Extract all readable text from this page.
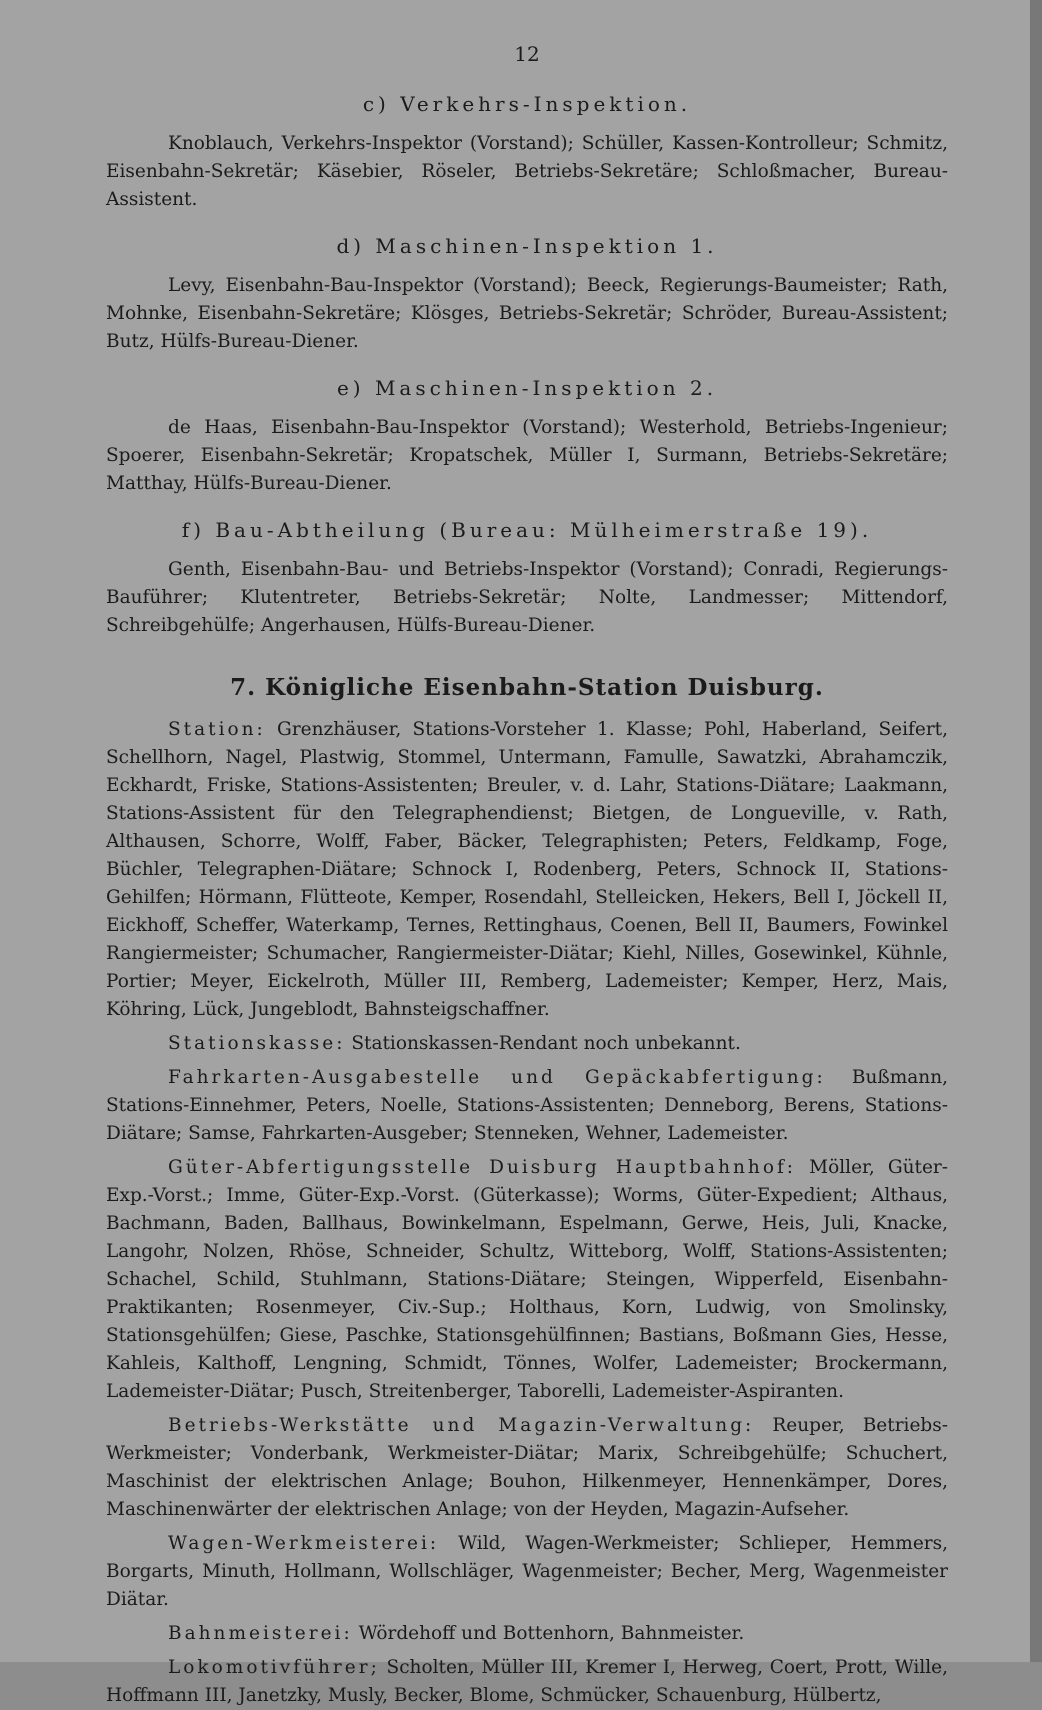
12
c) Verkehrs-Inspektion.

Knoblauch, Verkehrs-Inspektor (Vorstand); Schüller, Kassen-Kontrolleur; Schmitz, Eisenbahn-Sekretär; Käsebier, Röseler, Betriebs-Sekretäre; Schloßmacher, Bureau-Assistent.

d) Maschinen-Inspektion 1.

Levy, Eisenbahn-Bau-Inspektor (Vorstand); Beeck, Regierungs-Baumeister; Rath, Mohnke, Eisenbahn-Sekretäre; Klösges, Betriebs-Sekretär; Schröder, Bureau-Assistent; Butz, Hülfs-Bureau-Diener.

e) Maschinen-Inspektion 2.

de Haas, Eisenbahn-Bau-Inspektor (Vorstand); Westerhold, Betriebs-Ingenieur; Spoerer, Eisenbahn-Sekretär; Kropatschek, Müller I, Surmann, Betriebs-Sekretäre; Matthay, Hülfs-Bureau-Diener.

f) Bau-Abtheilung (Bureau: Mülheimerstraße 19).

Genth, Eisenbahn-Bau- und Betriebs-Inspektor (Vorstand); Conradi, Regierungs-Bauführer; Klutentreter, Betriebs-Sekretär; Nolte, Landmesser; Mittendorf, Schreibgehülfe; Angerhausen, Hülfs-Bureau-Diener.

7. Königliche Eisenbahn-Station Duisburg.

Station: Grenzhäuser, Stations-Vorsteher 1. Klasse; Pohl, Haberland, Seifert, Schellhorn, Nagel, Plastwig, Stommel, Untermann, Famulle, Sawatzki, Abrahamczik, Eckhardt, Friske, Stations-Assistenten; Breuler, v. d. Lahr, Stations-Diätare; Laakmann, Stations-Assistent für den Telegraphendienst; Bietgen, de Longueville, v. Rath, Althausen, Schorre, Wolff, Faber, Bäcker, Telegraphisten; Peters, Feldkamp, Foge, Büchler, Telegraphen-Diätare; Schnock I, Rodenberg, Peters, Schnock II, Stations-Gehilfen; Hörmann, Flütteote, Kemper, Rosendahl, Stelleicken, Hekers, Bell I, Jöckell II, Eickhoff, Scheffer, Waterkamp, Ternes, Rettinghaus, Coenen, Bell II, Baumers, Fowinkel Rangiermeister; Schumacher, Rangiermeister-Diätar; Kiehl, Nilles, Gosewinkel, Kühnle, Portier; Meyer, Eickelroth, Müller III, Remberg, Lademeister; Kemper, Herz, Mais, Köhring, Lück, Jungeblodt, Bahnsteigschaffner.

Stationskasse: Stationskassen-Rendant noch unbekannt.

Fahrkarten-Ausgabestelle und Gepäckabfertigung: Bußmann, Stations-Einnehmer, Peters, Noelle, Stations-Assistenten; Denneborg, Berens, Stations-Diätare; Samse, Fahrkarten-Ausgeber; Stenneken, Wehner, Lademeister.

Güter-Abfertigungsstelle Duisburg Hauptbahnhof: Möller, Güter-Exp.-Vorst.; Imme, Güter-Exp.-Vorst. (Güterkasse); Worms, Güter-Expedient; Althaus, Bachmann, Baden, Ballhaus, Bowinkelmann, Espelmann, Gerwe, Heis, Juli, Knacke, Langohr, Nolzen, Rhöse, Schneider, Schultz, Witteborg, Wolff, Stations-Assistenten; Schachel, Schild, Stuhlmann, Stations-Diätare; Steingen, Wipperfeld, Eisenbahn-Praktikanten; Rosenmeyer, Civ.-Sup.; Holthaus, Korn, Ludwig, von Smolinsky, Stationsgehülfen; Giese, Paschke, Stationsgehülfinnen; Bastians, Boßmann Gies, Hesse, Kahleis, Kalthoff, Lengning, Schmidt, Tönnes, Wolfer, Lademeister; Brockermann, Lademeister-Diätar; Pusch, Streitenberger, Taborelli, Lademeister-Aspiranten.

Betriebs-Werkstätte und Magazin-Verwaltung: Reuper, Betriebs-Werkmeister; Vonderbank, Werkmeister-Diätar; Marix, Schreibgehülfe; Schuchert, Maschinist der elektrischen Anlage; Bouhon, Hilkenmeyer, Hennenkämper, Dores, Maschinenwärter der elektrischen Anlage; von der Heyden, Magazin-Aufseher.

Wagen-Werkmeisterei: Wild, Wagen-Werkmeister; Schlieper, Hemmers, Borgarts, Minuth, Hollmann, Wollschläger, Wagenmeister; Becher, Merg, Wagenmeister Diätar.

Bahnmeisterei: Wördehoff und Bottenhorn, Bahnmeister.

Lokomotivführer; Scholten, Müller III, Kremer I, Herweg, Coert, Prott, Wille, Hoffmann III, Janetzky, Musly, Becker, Blome, Schmücker, Schauenburg, Hülbertz,
